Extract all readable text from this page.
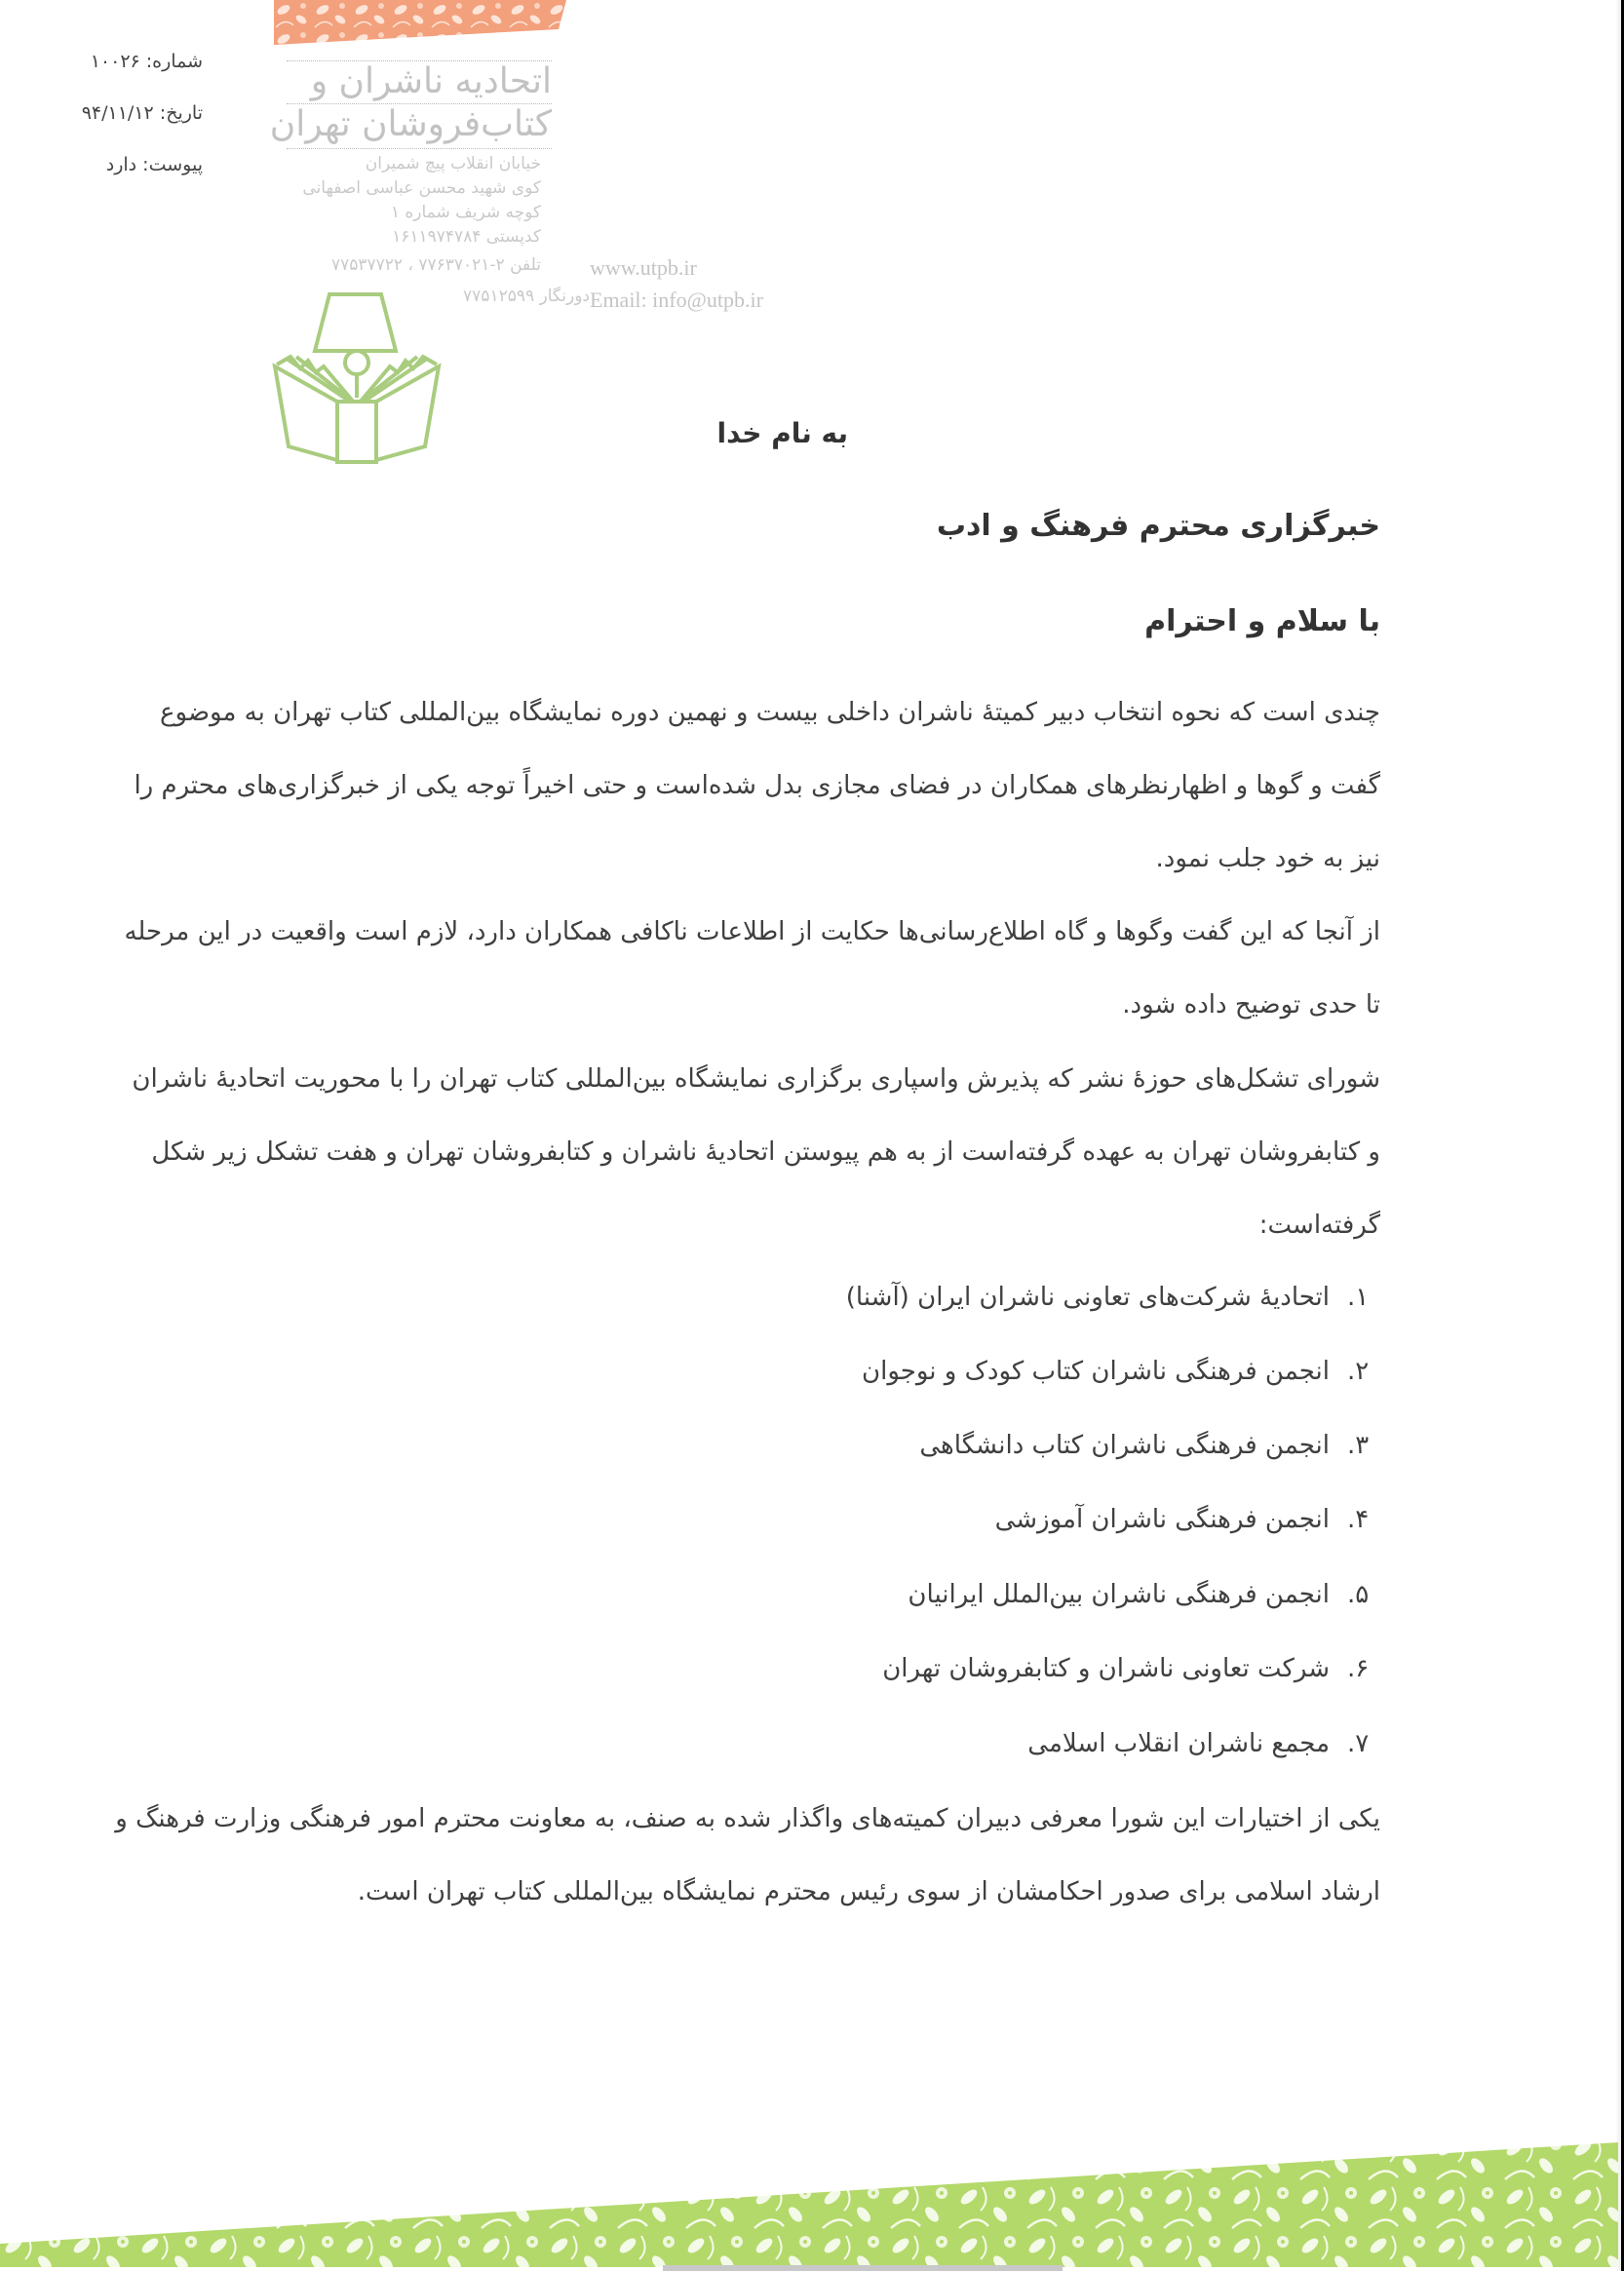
اتحادیه ناشران و
کتاب‌فروشان تهران
خیابان انقلاب پیچ شمیران
کوی شهید محسن عباسی اصفهانی
کوچه شریف شماره ۱
کدپستی ۱۶۱۱۹۷۴۷۸۴
تلفن ۲-۷۷۶۳۷۰۲۱ ، ۷۷۵۳۷۷۲۲
دورنگار ۷۷۵۱۲۵۹۹
www.utpb.ir
Email: info@utpb.ir
شماره: ۱۰۰۲۶
تاریخ: ۹۴/۱۱/۱۲
پیوست: دارد
به نام خدا
خبرگزاری محترم فرهنگ و ادب
با سلام و احترام
چندی است که نحوه انتخاب دبیر کمیتهٔ ناشران داخلی بیست و نهمین دوره نمایشگاه بین‌المللی کتاب تهران به موضوع
گفت و گوها و اظهارنظرهای همکاران در فضای مجازی بدل شده‌است و حتی اخیراً توجه یکی از خبرگزاری‌های محترم را
نیز به خود جلب نمود.
از آنجا که این گفت وگوها و گاه اطلاع‌رسانی‌ها حکایت از اطلاعات ناکافی همکاران دارد، لازم است واقعیت در این مرحله
تا حدی توضیح داده شود.
شورای تشکل‌های حوزهٔ نشر که پذیرش واسپاری برگزاری نمایشگاه بین‌المللی کتاب تهران را با محوریت اتحادیهٔ ناشران
و کتابفروشان تهران به عهده گرفته‌است از به هم پیوستن اتحادیهٔ ناشران و کتابفروشان تهران و هفت تشکل زیر شکل
گرفته‌است:
اتحادیهٔ شرکت‌های تعاونی ناشران ایران (آشنا) ۱.
انجمن فرهنگی ناشران کتاب کودک و نوجوان ۲.
انجمن فرهنگی ناشران کتاب دانشگاهی ۳.
انجمن فرهنگی ناشران آموزشی ۴.
انجمن فرهنگی ناشران بین‌الملل ایرانیان ۵.
شرکت تعاونی ناشران و کتابفروشان تهران ۶.
مجمع ناشران انقلاب اسلامی ۷.
یکی از اختیارات این شورا معرفی دبیران کمیته‌های واگذار شده به صنف، به معاونت محترم امور فرهنگی وزارت فرهنگ و
ارشاد اسلامی برای صدور احکامشان از سوی رئیس محترم نمایشگاه بین‌المللی کتاب تهران است.
